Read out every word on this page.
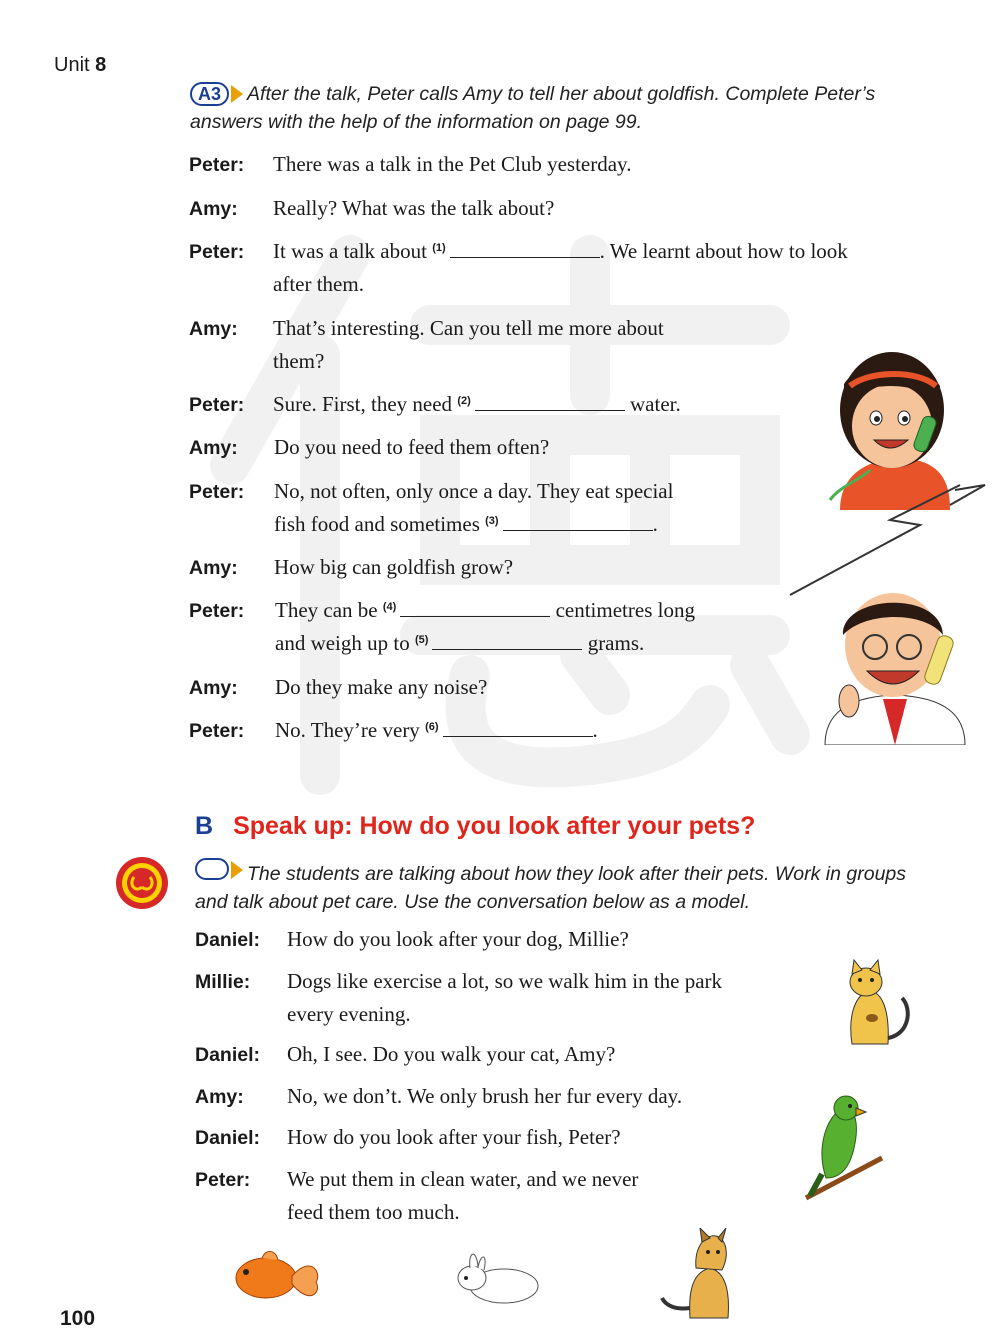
Unit 8
A3 After the talk, Peter calls Amy to tell her about goldfish. Complete Peter’s
answers with the help of the information on page 99.
Peter: There was a talk in the Pet Club yesterday.
Amy: Really? What was the talk about?
Peter: It was a talk about $^{(1)}$	. We learnt about how to look
after them.
Amy: That’s interesting. Can you tell me more about
them?
Peter: Sure. First, they need $^{(2)}$	water.
Amy: Do you need to feed them often?
Peter: No, not often, only once a day. They eat special
fish food and sometimes $^{(3)}$	.
Amy: How big can goldfish grow?
Peter: They can be $^{(4)}$	centimetres long
and weigh up to $^{(5)}$	grams.
Amy: Do they make any noise?
Peter: No. They’re very $^{(6)}$	.
B Speak up: How do you look after your pets?
The students are talking about how they look after their pets. Work in groups
and talk about pet care. Use the conversation below as a model.
Daniel: How do you look after your dog, Millie?
Millie: Dogs like exercise a lot, so we walk him in the park
every evening.
Daniel: Oh, I see. Do you walk your cat, Amy?
Amy: No, we don’t. We only brush her fur every day.
Daniel: How do you look after your fish, Peter?
Peter: We put them in clean water, and we never
feed them too much.
100
